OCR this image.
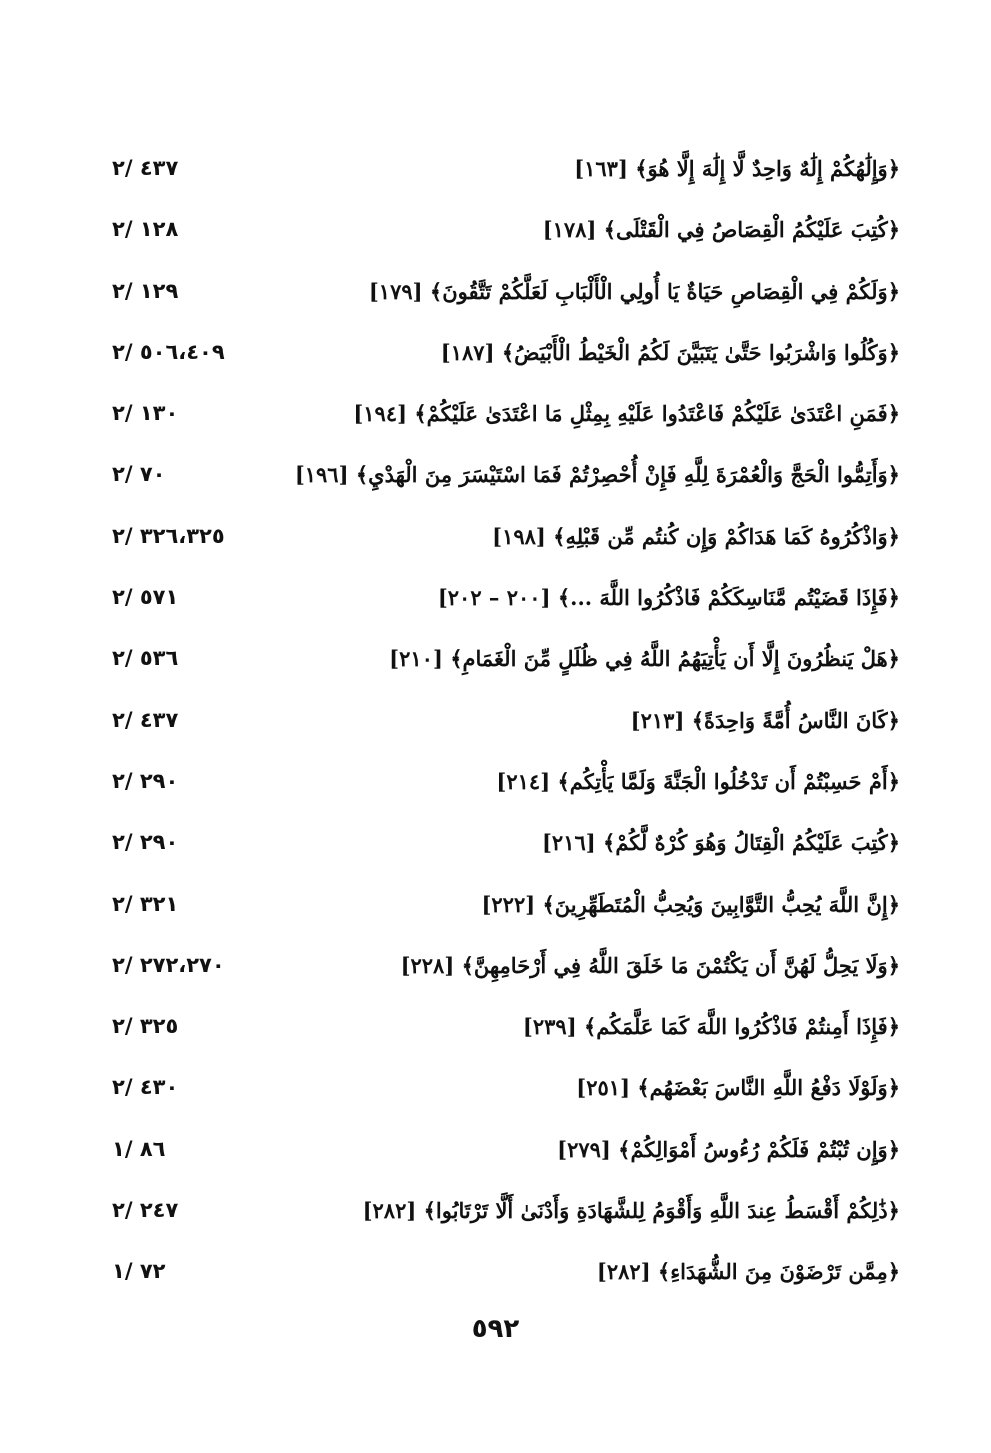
﴿وَإِلَٰهُكُمْ إِلَٰهٌ وَاحِدٌ لَّا إِلَٰهَ إِلَّا هُوَ﴾ [١٦٣]
٤٣٧ /٢
﴿كُتِبَ عَلَيْكُمُ الْقِصَاصُ فِي الْقَتْلَى﴾ [١٧٨]
١٢٨ /٢
﴿وَلَكُمْ فِي الْقِصَاصِ حَيَاةٌ يَا أُولِي الْأَلْبَابِ لَعَلَّكُمْ تَتَّقُونَ﴾ [١٧٩]
١٢٩ /٢
﴿وَكُلُوا وَاشْرَبُوا حَتَّىٰ يَتَبَيَّنَ لَكُمُ الْخَيْطُ الْأَبْيَضُ﴾ [١٨٧]
٥٠٦،٤٠٩ /٢
﴿فَمَنِ اعْتَدَىٰ عَلَيْكُمْ فَاعْتَدُوا عَلَيْهِ بِمِثْلِ مَا اعْتَدَىٰ عَلَيْكُمْ﴾ [١٩٤]
١٣٠ /٢
﴿وَأَتِمُّوا الْحَجَّ وَالْعُمْرَةَ لِلَّهِ فَإِنْ أُحْصِرْتُمْ فَمَا اسْتَيْسَرَ مِنَ الْهَدْيِ﴾ [١٩٦]
٧٠ /٢
﴿وَاذْكُرُوهُ كَمَا هَدَاكُمْ وَإِن كُنتُم مِّن قَبْلِهِ﴾ [١٩٨]
٣٢٦،٣٢٥ /٢
﴿فَإِذَا قَضَيْتُم مَّنَاسِكَكُمْ فَاذْكُرُوا اللَّهَ ...﴾ [٢٠٠ – ٢٠٢]
٥٧١ /٢
﴿هَلْ يَنظُرُونَ إِلَّا أَن يَأْتِيَهُمُ اللَّهُ فِي ظُلَلٍ مِّنَ الْغَمَامِ﴾ [٢١٠]
٥٣٦ /٢
﴿كَانَ النَّاسُ أُمَّةً وَاحِدَةً﴾ [٢١٣]
٤٣٧ /٢
﴿أَمْ حَسِبْتُمْ أَن تَدْخُلُوا الْجَنَّةَ وَلَمَّا يَأْتِكُم﴾ [٢١٤]
٢٩٠ /٢
﴿كُتِبَ عَلَيْكُمُ الْقِتَالُ وَهُوَ كُرْهٌ لَّكُمْ﴾ [٢١٦]
٢٩٠ /٢
﴿إِنَّ اللَّهَ يُحِبُّ التَّوَّابِينَ وَيُحِبُّ الْمُتَطَهِّرِينَ﴾ [٢٢٢]
٣٢١ /٢
﴿وَلَا يَحِلُّ لَهُنَّ أَن يَكْتُمْنَ مَا خَلَقَ اللَّهُ فِي أَرْحَامِهِنَّ﴾ [٢٢٨]
٢٧٢،٢٧٠ /٢
﴿فَإِذَا أَمِنتُمْ فَاذْكُرُوا اللَّهَ كَمَا عَلَّمَكُم﴾ [٢٣٩]
٣٢٥ /٢
﴿وَلَوْلَا دَفْعُ اللَّهِ النَّاسَ بَعْضَهُم﴾ [٢٥١]
٤٣٠ /٢
﴿وَإِن تُبْتُمْ فَلَكُمْ رُءُوسُ أَمْوَالِكُمْ﴾ [٢٧٩]
٨٦ /١
﴿ذَٰلِكُمْ أَقْسَطُ عِندَ اللَّهِ وَأَقْوَمُ لِلشَّهَادَةِ وَأَدْنَىٰ أَلَّا تَرْتَابُوا﴾ [٢٨٢]
٢٤٧ /٢
﴿مِمَّن تَرْضَوْنَ مِنَ الشُّهَدَاءِ﴾ [٢٨٢]
٧٢ /١
٥٩٢
